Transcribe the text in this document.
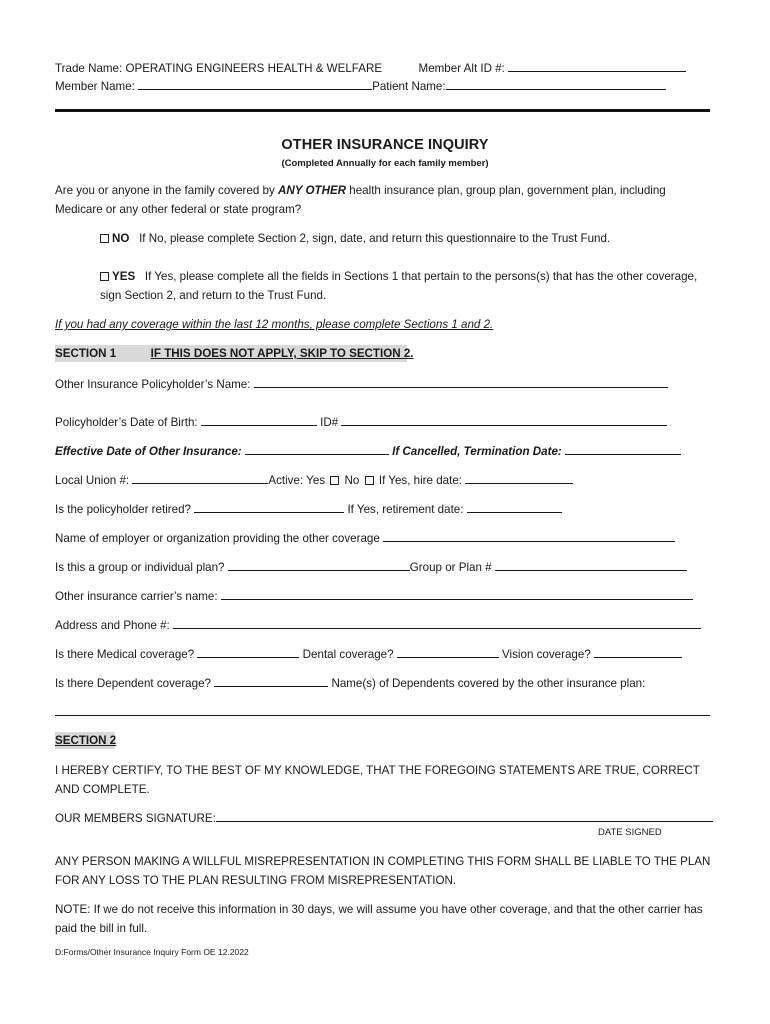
Trade Name: OPERATING ENGINEERS HEALTH & WELFARE	Member Alt ID #:
Member Name:	Patient Name:
OTHER INSURANCE INQUIRY
(Completed Annually for each family member)
Are you or anyone in the family covered by ANY OTHER health insurance plan, group plan, government plan, including Medicare or any other federal or state program?
NO If No, please complete Section 2, sign, date, and return this questionnaire to the Trust Fund.
YES If Yes, please complete all the fields in Sections 1 that pertain to the persons(s) that has the other coverage, sign Section 2, and return to the Trust Fund.
If you had any coverage within the last 12 months, please complete Sections 1 and 2.
SECTION 1	IF THIS DOES NOT APPLY, SKIP TO SECTION 2.
Other Insurance Policyholder’s Name:
Policyholder’s Date of Birth:	ID#
Effective Date of Other Insurance:	If Cancelled, Termination Date:
Local Union #:	Active: Yes No If Yes, hire date:
Is the policyholder retired?	If Yes, retirement date:
Name of employer or organization providing the other coverage
Is this a group or individual plan?	Group or Plan #
Other insurance carrier’s name:
Address and Phone #:
Is there Medical coverage?	Dental coverage?	Vision coverage?
Is there Dependent coverage?	Name(s) of Dependents covered by the other insurance plan:
SECTION 2
I HEREBY CERTIFY, TO THE BEST OF MY KNOWLEDGE, THAT THE FOREGOING STATEMENTS ARE TRUE, CORRECT AND COMPLETE.
OUR MEMBERS SIGNATURE:
DATE SIGNED
ANY PERSON MAKING A WILLFUL MISREPRESENTATION IN COMPLETING THIS FORM SHALL BE LIABLE TO THE PLAN FOR ANY LOSS TO THE PLAN RESULTING FROM MISREPRESENTATION.
NOTE: If we do not receive this information in 30 days, we will assume you have other coverage, and that the other carrier has paid the bill in full.
D:Forms/Other Insurance Inquiry Form OE 12.2022
